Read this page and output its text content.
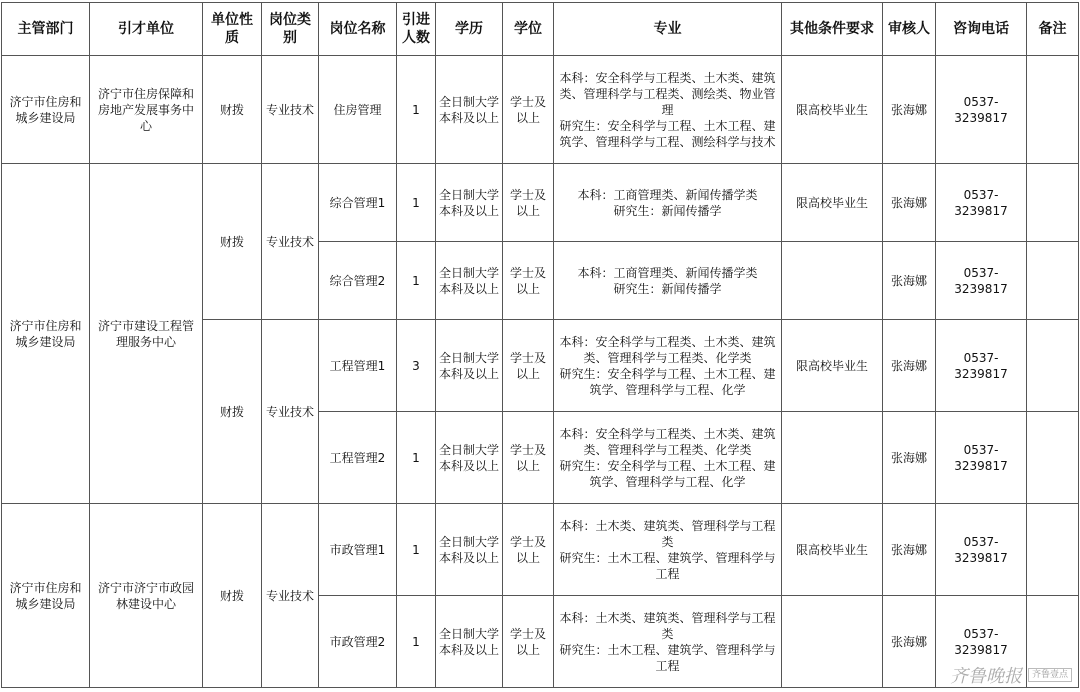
主管部门	引才单位	单位性质	岗位类别	岗位名称	引进人数	学历	学位	专业	其他条件要求	审核人	咨询电话	备注
济宁市住房和城乡建设局	济宁市住房保障和房地产发展事务中心	财拨	专业技术	住房管理	1	全日制大学本科及以上	学士及以上	本科：安全科学与工程类、土木类、建筑类、管理科学与工程类、测绘类、物业管理
研究生：安全科学与工程、土木工程、建筑学、管理科学与工程、测绘科学与技术	限高校毕业生	张海娜	0537-3239817	
济宁市住房和城乡建设局	济宁市建设工程管理服务中心	财拨	专业技术	综合管理1	1	全日制大学本科及以上	学士及以上	本科：工商管理类、新闻传播学类
研究生：新闻传播学	限高校毕业生	张海娜	0537-3239817	
				综合管理2	1	全日制大学本科及以上	学士及以上	本科：工商管理类、新闻传播学类
研究生：新闻传播学		张海娜	0537-3239817	
		财拨	专业技术	工程管理1	3	全日制大学本科及以上	学士及以上	本科：安全科学与工程类、土木类、建筑类、管理科学与工程类、化学类
研究生：安全科学与工程、土木工程、建筑学、管理科学与工程、化学	限高校毕业生	张海娜	0537-3239817	
				工程管理2	1	全日制大学本科及以上	学士及以上	本科：安全科学与工程类、土木类、建筑类、管理科学与工程类、化学类
研究生：安全科学与工程、土木工程、建筑学、管理科学与工程、化学		张海娜	0537-3239817	
济宁市住房和城乡建设局	济宁市济宁市政园林建设中心	财拨	专业技术	市政管理1	1	全日制大学本科及以上	学士及以上	本科：土木类、建筑类、管理科学与工程类
研究生：土木工程、建筑学、管理科学与工程	限高校毕业生	张海娜	0537-3239817	
				市政管理2	1	全日制大学本科及以上	学士及以上	本科：土木类、建筑类、管理科学与工程类
研究生：土木工程、建筑学、管理科学与工程		张海娜	0537-3239817	
齐鲁晚报	齐鲁壹点
